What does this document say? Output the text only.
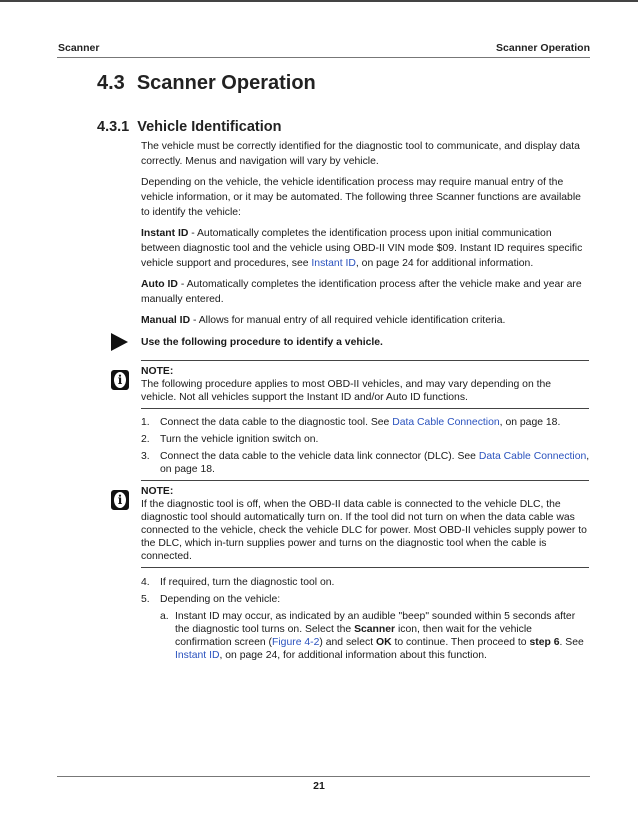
Scanner	Scanner Operation
4.3 Scanner Operation
4.3.1 Vehicle Identification

The vehicle must be correctly identified for the diagnostic tool to communicate, and display data correctly. Menus and navigation will vary by vehicle.

Depending on the vehicle, the vehicle identification process may require manual entry of the vehicle information, or it may be automated. The following three Scanner functions are available to identify the vehicle:

Instant ID - Automatically completes the identification process upon initial communication between diagnostic tool and the vehicle using OBD-II VIN mode $09. Instant ID requires specific vehicle support and procedures, see Instant ID, on page 24 for additional information.

Auto ID - Automatically completes the identification process after the vehicle make and year are manually entered.

Manual ID - Allows for manual entry of all required vehicle identification criteria.

Use the following procedure to identify a vehicle.
i
NOTE:
The following procedure applies to most OBD-II vehicles, and may vary depending on the vehicle. Not all vehicles support the Instant ID and/or Auto ID functions.
1. Connect the data cable to the diagnostic tool. See Data Cable Connection, on page 18.
2. Turn the vehicle ignition switch on.
3. Connect the data cable to the vehicle data link connector (DLC). See Data Cable Connection, on page 18.
i
NOTE:
If the diagnostic tool is off, when the OBD-II data cable is connected to the vehicle DLC, the diagnostic tool should automatically turn on. If the tool did not turn on when the data cable was connected to the vehicle, check the vehicle DLC for power. Most OBD-II vehicles supply power to the DLC, which in-turn supplies power and turns on the diagnostic tool when the cable is connected.
4. If required, turn the diagnostic tool on.
5. Depending on the vehicle:
a. Instant ID may occur, as indicated by an audible "beep" sounded within 5 seconds after the diagnostic tool turns on. Select the Scanner icon, then wait for the vehicle confirmation screen (Figure 4-2) and select OK to continue. Then proceed to step 6. See Instant ID, on page 24, for additional information about this function.
21
